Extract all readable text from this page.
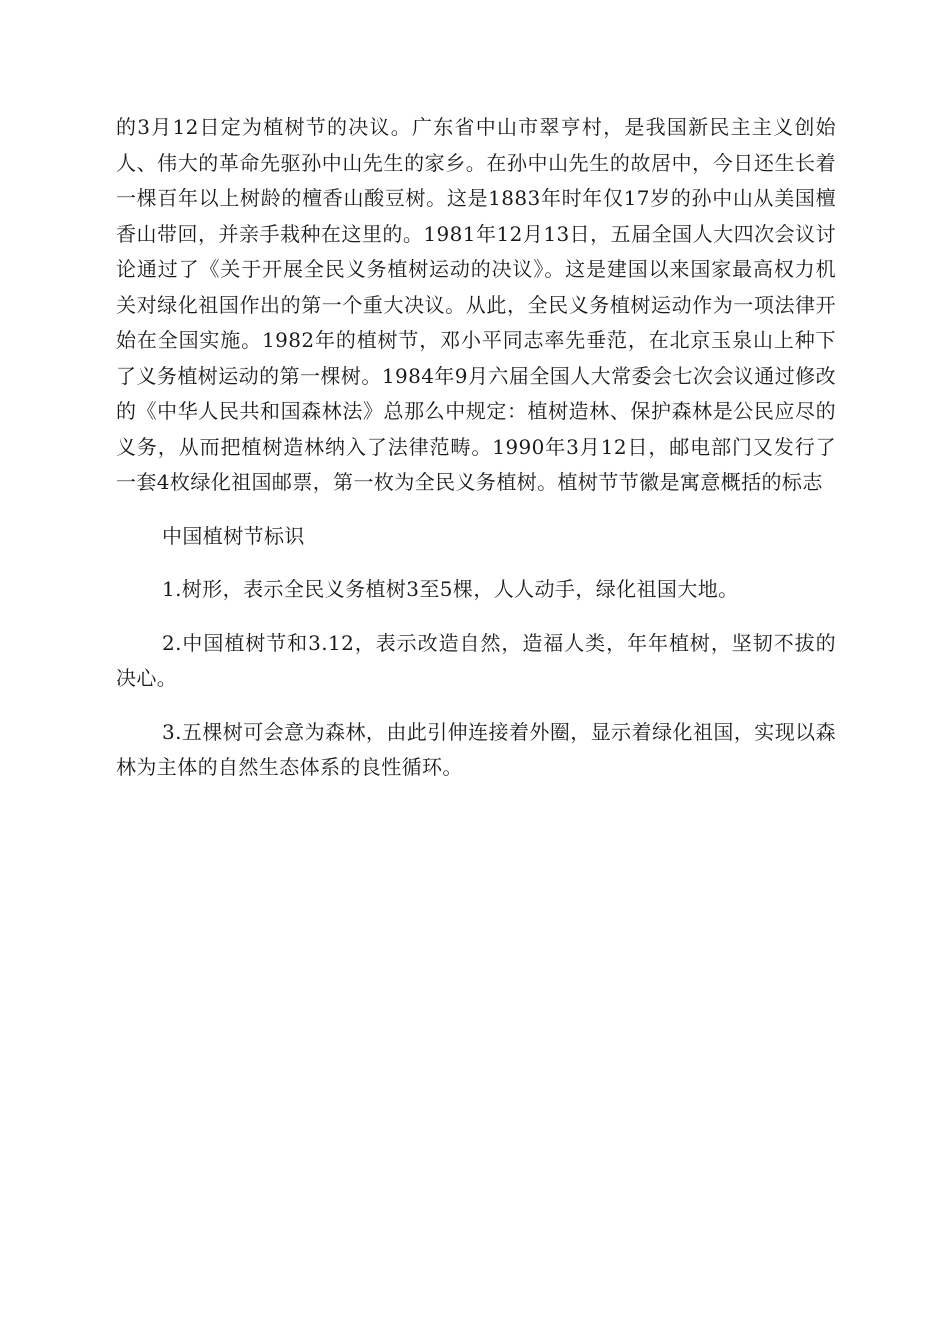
的3月12日定为植树节的决议。广东省中山市翠亨村，是我国新民主主义创始人、伟大的革命先驱孙中山先生的家乡。在孙中山先生的故居中，今日还生长着一棵百年以上树龄的檀香山酸豆树。这是1883年时年仅17岁的孙中山从美国檀香山带回，并亲手栽种在这里的。1981年12月13日，五届全国人大四次会议讨论通过了《关于开展全民义务植树运动的决议》。这是建国以来国家最高权力机关对绿化祖国作出的第一个重大决议。从此，全民义务植树运动作为一项法律开始在全国实施。1982年的植树节，邓小平同志率先垂范，在北京玉泉山上种下了义务植树运动的第一棵树。1984年9月六届全国人大常委会七次会议通过修改的《中华人民共和国森林法》总那么中规定：植树造林、保护森林是公民应尽的义务，从而把植树造林纳入了法律范畴。1990年3月12日，邮电部门又发行了一套4枚绿化祖国邮票，第一枚为全民义务植树。植树节节徽是寓意概括的标志

中国植树节标识

1.树形，表示全民义务植树3至5棵，人人动手，绿化祖国大地。

2.中国植树节和3.12，表示改造自然，造福人类，年年植树，坚韧不拔的决心。

3.五棵树可会意为森林，由此引伸连接着外圈，显示着绿化祖国，实现以森林为主体的自然生态体系的良性循环。
